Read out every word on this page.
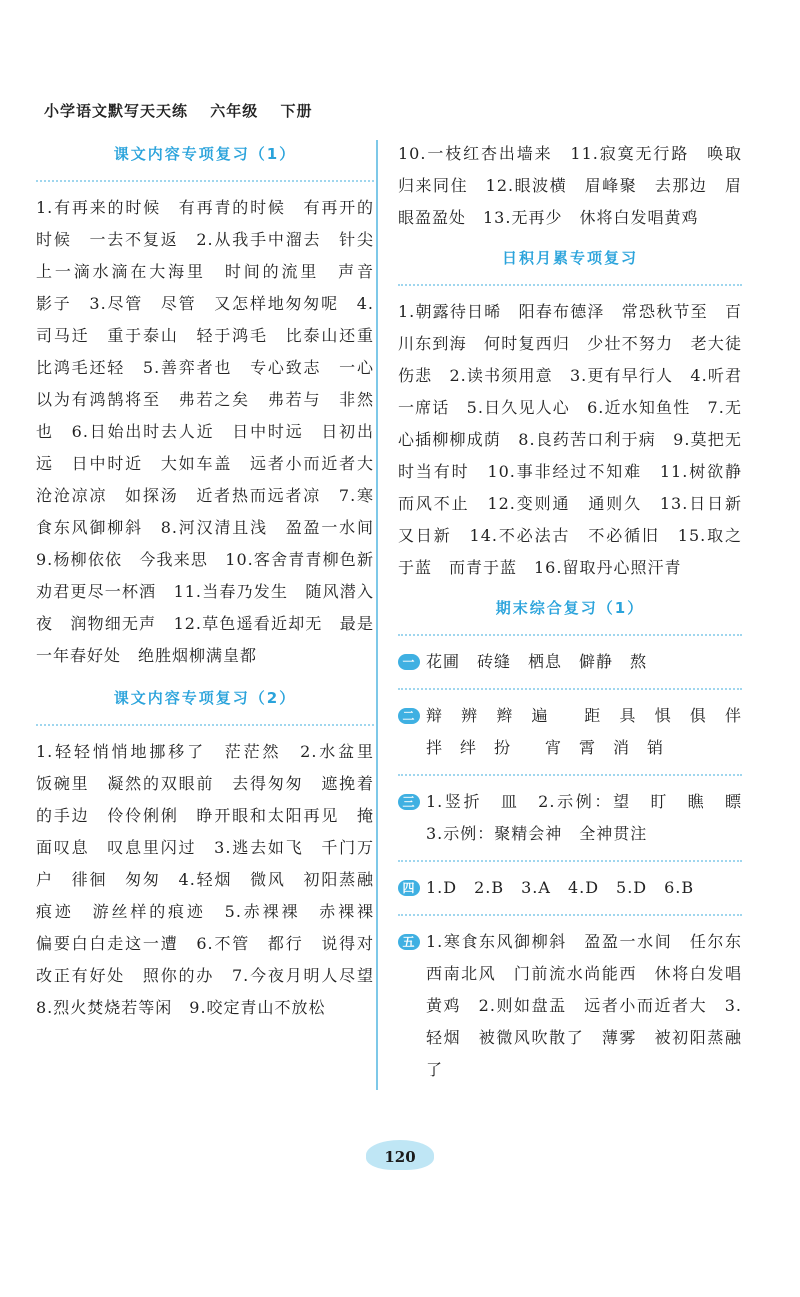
小学语文默写天天练 六年级 下册
课文内容专项复习（1）
1.有再来的时候　有再青的时候　有再开的时候　一去不复返　2.从我手中溜去　针尖上一滴水滴在大海里　时间的流里　声音　影子　3.尽管　尽管　又怎样地匆匆呢　4.司马迁　重于泰山　轻于鸿毛　比泰山还重　比鸿毛还轻　5.善弈者也　专心致志　一心以为有鸿鹄将至　弗若之矣　弗若与　非然也　6.日始出时去人近　日中时远　日初出远　日中时近　大如车盖　远者小而近者大　沧沧凉凉　如探汤　近者热而远者凉　7.寒食东风御柳斜　8.河汉清且浅　盈盈一水间　9.杨柳依依　今我来思　10.客舍青青柳色新　劝君更尽一杯酒　11.当春乃发生　随风潜入夜　润物细无声　12.草色遥看近却无　最是一年春好处　绝胜烟柳满皇都
课文内容专项复习（2）
1.轻轻悄悄地挪移了　茫茫然　2.水盆里　饭碗里　凝然的双眼前　去得匆匆　遮挽着的手边　伶伶俐俐　睁开眼和太阳再见　掩面叹息　叹息里闪过　3.逃去如飞　千门万户　徘徊　匆匆　4.轻烟　微风　初阳蒸融　痕迹　游丝样的痕迹　5.赤裸裸　赤裸裸　偏要白白走这一遭　6.不管　都行　说得对　改正有好处　照你的办　7.今夜月明人尽望　8.烈火焚烧若等闲　9.咬定青山不放松
10.一枝红杏出墙来　11.寂寞无行路　唤取归来同住　12.眼波横　眉峰聚　去那边　眉眼盈盈处　13.无再少　休将白发唱黄鸡
日积月累专项复习
1.朝露待日晞　阳春布德泽　常恐秋节至　百川东到海　何时复西归　少壮不努力　老大徒伤悲　2.读书须用意　3.更有早行人　4.听君一席话　5.日久见人心　6.近水知鱼性　7.无心插柳柳成荫　8.良药苦口利于病　9.莫把无时当有时　10.事非经过不知难　11.树欲静而风不止　12.变则通　通则久　13.日日新　又日新　14.不必法古　不必循旧　15.取之于蓝　而青于蓝　16.留取丹心照汗青
期末综合复习（1）
一 花圃　砖缝　栖息　僻静　熬
二 辩　辨　辫　遍　　距　具　惧　俱　伴　拌　绊　扮　　宵　霄　消　销
三 1.竖折　皿　2.示例：望　盯　瞧　瞟　3.示例：聚精会神　全神贯注
四 1.D　2.B　3.A　4.D　5.D　6.B
五 1.寒食东风御柳斜　盈盈一水间　任尔东西南北风　门前流水尚能西　休将白发唱黄鸡　2.则如盘盂　远者小而近者大　3.轻烟　被微风吹散了　薄雾　被初阳蒸融了
120
